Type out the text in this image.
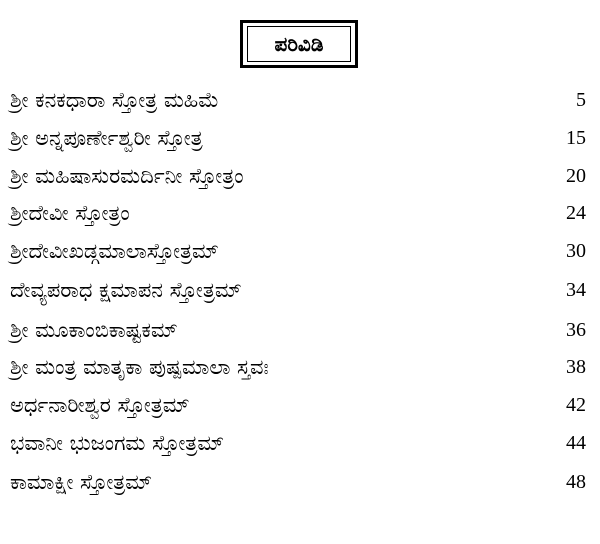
ಪರಿವಿಡಿ
ಶ್ರೀ ಕನಕಧಾರಾ ಸ್ತೋತ್ರ ಮಹಿಮೆ	5
ಶ್ರೀ ಅನ್ನಪೂರ್ಣೇಶ್ವರೀ ಸ್ತೋತ್ರ	15
ಶ್ರೀ ಮಹಿಷಾಸುರಮರ್ದಿನೀ ಸ್ತೋತ್ರಂ	20
ಶ್ರೀದೇವೀ ಸ್ತೋತ್ರಂ	24
ಶ್ರೀದೇವೀಖಡ್ಗಮಾಲಾಸ್ತೋತ್ರಮ್	30
ದೇವ್ಯಪರಾಧ ಕ್ಷಮಾಪನ ಸ್ತೋತ್ರಮ್	34
ಶ್ರೀ ಮೂಕಾಂಬಿಕಾಷ್ಟಕಮ್	36
ಶ್ರೀ ಮಂತ್ರ ಮಾತೃಕಾ ಪುಷ್ಪಮಾಲಾ ಸ್ತವಃ	38
ಅರ್ಧನಾರೀಶ್ವರ ಸ್ತೋತ್ರಮ್	42
ಭವಾನೀ ಭುಜಂಗಮ ಸ್ತೋತ್ರಮ್	44
ಕಾಮಾಕ್ಷೀ ಸ್ತೋತ್ರಮ್	48
